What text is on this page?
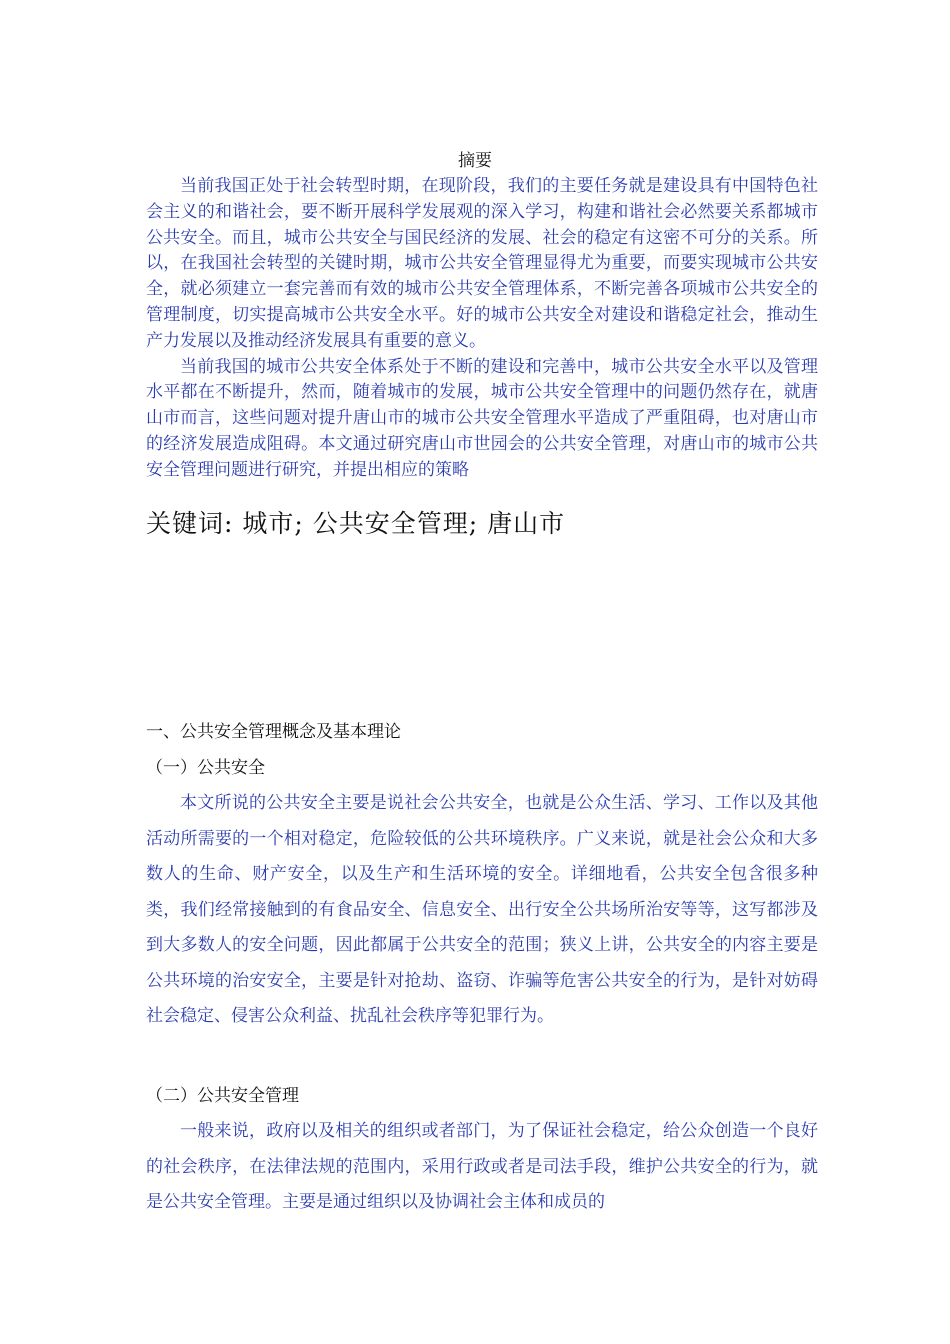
摘要

当前我国正处于社会转型时期，在现阶段，我们的主要任务就是建设具有中国特色社会主义的和谐社会，要不断开展科学发展观的深入学习，构建和谐社会必然要关系都城市公共安全。而且，城市公共安全与国民经济的发展、社会的稳定有这密不可分的关系。所以，在我国社会转型的关键时期，城市公共安全管理显得尤为重要，而要实现城市公共安全，就必须建立一套完善而有效的城市公共安全管理体系，不断完善各项城市公共安全的管理制度，切实提高城市公共安全水平。好的城市公共安全对建设和谐稳定社会，推动生产力发展以及推动经济发展具有重要的意义。

当前我国的城市公共安全体系处于不断的建设和完善中，城市公共安全水平以及管理水平都在不断提升，然而，随着城市的发展，城市公共安全管理中的问题仍然存在，就唐山市而言，这些问题对提升唐山市的城市公共安全管理水平造成了严重阻碍，也对唐山市的经济发展造成阻碍。本文通过研究唐山市世园会的公共安全管理，对唐山市的城市公共安全管理问题进行研究，并提出相应的策略

关键词: 城市; 公共安全管理; 唐山市
一、公共安全管理概念及基本理论
（一）公共安全

本文所说的公共安全主要是说社会公共安全，也就是公众生活、学习、工作以及其他活动所需要的一个相对稳定，危险较低的公共环境秩序。广义来说，就是社会公众和大多数人的生命、财产安全，以及生产和生活环境的安全。详细地看，公共安全包含很多种类，我们经常接触到的有食品安全、信息安全、出行安全公共场所治安等等，这写都涉及到大多数人的安全问题，因此都属于公共安全的范围；狭义上讲，公共安全的内容主要是公共环境的治安安全，主要是针对抢劫、盗窃、诈骗等危害公共安全的行为，是针对妨碍社会稳定、侵害公众利益、扰乱社会秩序等犯罪行为。

（二）公共安全管理

一般来说，政府以及相关的组织或者部门，为了保证社会稳定，给公众创造一个良好的社会秩序，在法律法规的范围内，采用行政或者是司法手段，维护公共安全的行为，就是公共安全管理。主要是通过组织以及协调社会主体和成员的
